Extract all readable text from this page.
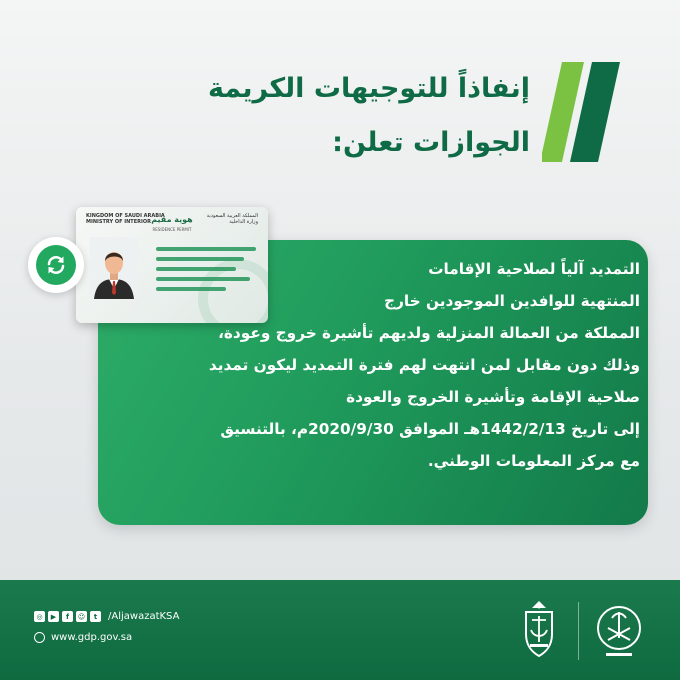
إنفاذاً للتوجيهات الكريمة
الجوازات تعلن:
التمديد آلياً لصلاحية الإقامات
المنتهية للوافدين الموجودين خارج
المملكة من العمالة المنزلية ولديهم تأشيرة خروج وعودة،
وذلك دون مقابل لمن انتهت لهم فترة التمديد ليكون تمديد
صلاحية الإقامة وتأشيرة الخروج والعودة
إلى تاريخ 1442/2/13هـ الموافق 2020/9/30م، بالتنسيق
مع مركز المعلومات الوطني.
KINGDOM OF SAUDI ARABIA
MINISTRY OF INTERIOR هوية مقيم
RESIDENCE PERMIT
المملكة العربية السعودية
وزارة الداخلية
◎	▶	f	☺	t	/AljawazatKSA
www.gdp.gov.sa
